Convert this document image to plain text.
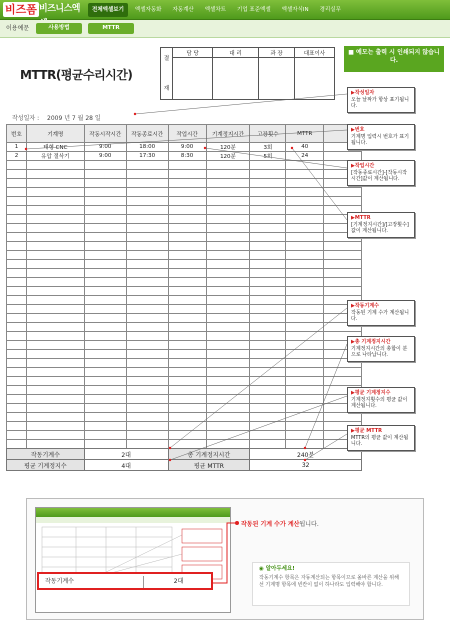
비즈폼 비즈니스엑	전체엑셀보기	엑셀자동화	자동계산	엑셀차트	기업 표준엑셀	엑셀자식IN	경리실무
이용예문	사용방법	MTTR
MTTR(평균수리시간)
결

재	담 당	대 리	과 장	대표이사

작성일자 : 2009 년 7 월 28 일
번호	기계명	작동시작시간	작동종료시간	작업시간	기계정지시간	고장횟수	MTTR	
1	태형 CNC	9:00	18:00	9:00	120분	3회	40	
2	유압 절삭기	9:00	17:30	8:30	120분	5회	24	

작동기계수	2대	총 기계정지시간	240분
평균 기계정지수	4대	평균 MTTR	32
■ 예모는 출력 시 인쇄되지 않습니다.
▶작성일자
오늘 날짜가 항상 표기됩니다.
▶번호
기계명 입력시 번호가 표기됩니다.
▶작업시간
[작동종료시간]-[작동시작시간]값이 계산됩니다.
▶MTTR
[기계정지시간]/[고장횟수]값이 계산됩니다.
▶작동기계수
작동된 기계 수가 계산됩니다.
▶총 기계정지시간
기계정지시간의 총합이 분으로 나타납니다.
▶평균 기계정지수
기계정지횟수의 평균 값이 계산됩니다.
▶평균 MTTR
MTTR의 평균 값이 계산됩니다.
작동기계수	2대
작동된 기계 수가 계산됩니다.
◉ 알아두세요!
작동기계수 항목은 자동계산되는 항목이므로 올바른 계산을 위해선 기계명 항목에 빈칸이 없이 하나라도 입력해야 합니다.
